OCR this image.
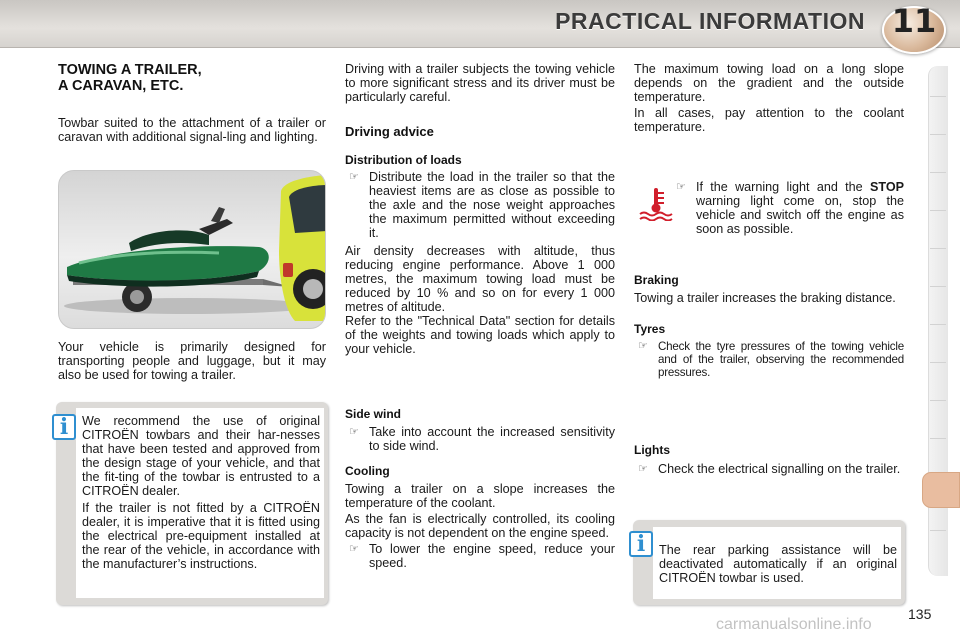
PRACTICAL INFORMATION 11
TOWING A TRAILER,
A CARAVAN, ETC.

Towbar suited to the attachment of a trailer or caravan with additional signal-ling and lighting.

Your vehicle is primarily designed for transporting people and luggage, but it may also be used for towing a trailer.

We recommend the use of original CITROËN towbars and their har-nesses that have been tested and approved from the design stage of your vehicle, and that the fit-ting of the towbar is entrusted to a CITROËN dealer.

If the trailer is not fitted by a CITROËN dealer, it is imperative that it is fitted using the electrical pre-equipment installed at the rear of the vehicle, in accordance with the manufacturer’s instructions.

i

Driving with a trailer subjects the towing vehicle to more significant stress and its driver must be particularly careful.

Driving advice
Distribution of loads
☞ Distribute the load in the trailer so that the heaviest items are as close as possible to the axle and the nose weight approaches the maximum permitted without exceeding it.

Air density decreases with altitude, thus reducing engine performance. Above 1 000 metres, the maximum towing load must be reduced by 10 % and so on for every 1 000 metres of altitude.

Refer to the "Technical Data" section for details of the weights and towing loads which apply to your vehicle.

Side wind
☞ Take into account the increased sensitivity to side wind.
Cooling

Towing a trailer on a slope increases the temperature of the coolant.

As the fan is electrically controlled, its cooling capacity is not dependent on the engine speed.

☞ To lower the engine speed, reduce your speed.

The maximum towing load on a long slope depends on the gradient and the outside temperature.

In all cases, pay attention to the coolant temperature.

☞ If the warning light and the STOP warning light come on, stop the vehicle and switch off the engine as soon as possible.
Braking

Towing a trailer increases the braking distance.

Tyres
☞ Check the tyre pressures of the towing vehicle and of the trailer, observing the recommended pressures.
Lights
☞ Check the electrical signalling on the trailer.

The rear parking assistance will be deactivated automatically if an original CITROËN towbar is used.

i
135
carmanualsonline.info
